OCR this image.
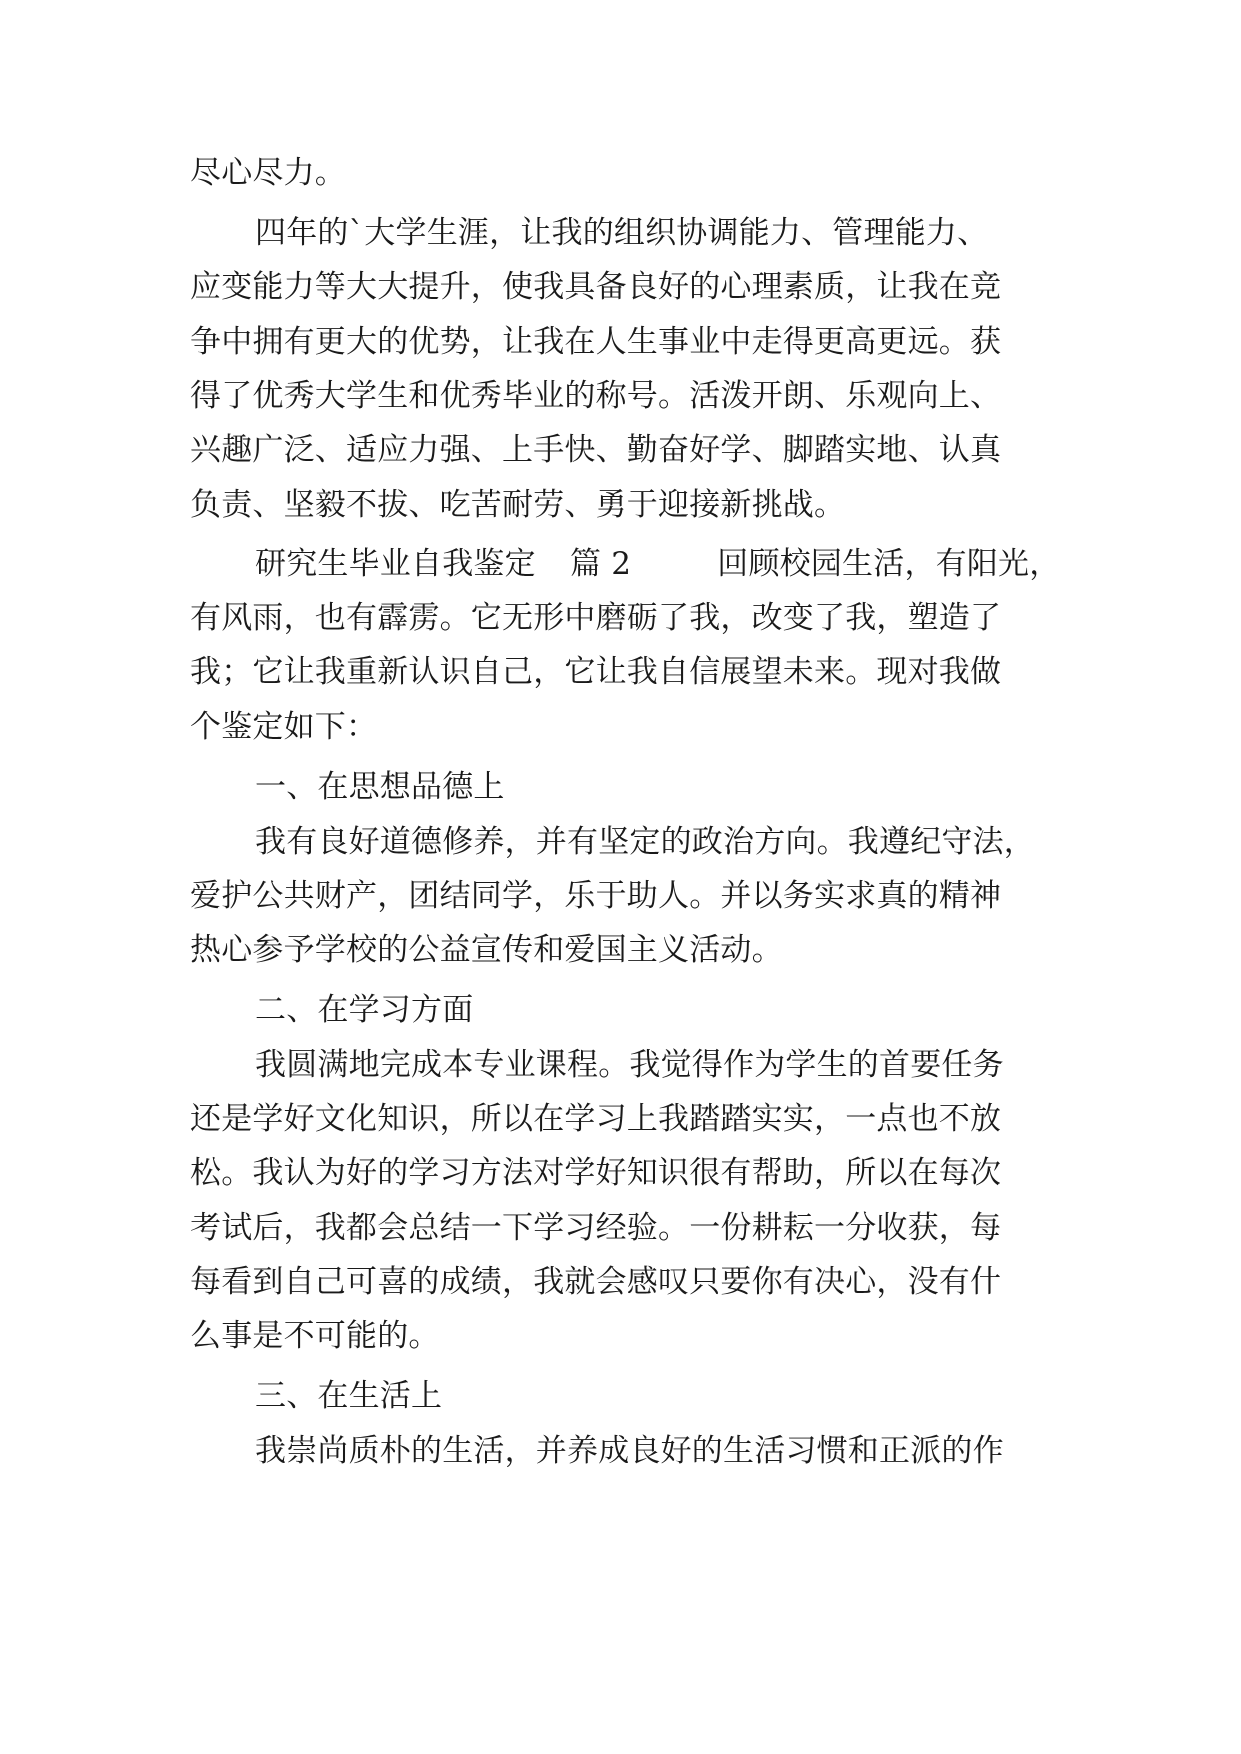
尽心尽力。
四年的`大学生涯，让我的组织协调能力、管理能力、
应变能力等大大提升，使我具备良好的心理素质，让我在竞
争中拥有更大的优势，让我在人生事业中走得更高更远。获
得了优秀大学生和优秀毕业的称号。活泼开朗、乐观向上、
兴趣广泛、适应力强、上手快、勤奋好学、脚踏实地、认真
负责、坚毅不拔、吃苦耐劳、勇于迎接新挑战。
研究生毕业自我鉴定 篇 2	回顾校园生活，有阳光，
有风雨，也有霹雳。它无形中磨砺了我，改变了我，塑造了
我；它让我重新认识自己，它让我自信展望未来。现对我做
个鉴定如下：
一、在思想品德上
我有良好道德修养，并有坚定的政治方向。我遵纪守法，
爱护公共财产，团结同学，乐于助人。并以务实求真的精神
热心参予学校的公益宣传和爱国主义活动。
二、在学习方面
我圆满地完成本专业课程。我觉得作为学生的首要任务
还是学好文化知识，所以在学习上我踏踏实实，一点也不放
松。我认为好的学习方法对学好知识很有帮助，所以在每次
考试后，我都会总结一下学习经验。一份耕耘一分收获，每
每看到自己可喜的成绩，我就会感叹只要你有决心，没有什
么事是不可能的。
三、在生活上
我崇尚质朴的生活，并养成良好的生活习惯和正派的作
